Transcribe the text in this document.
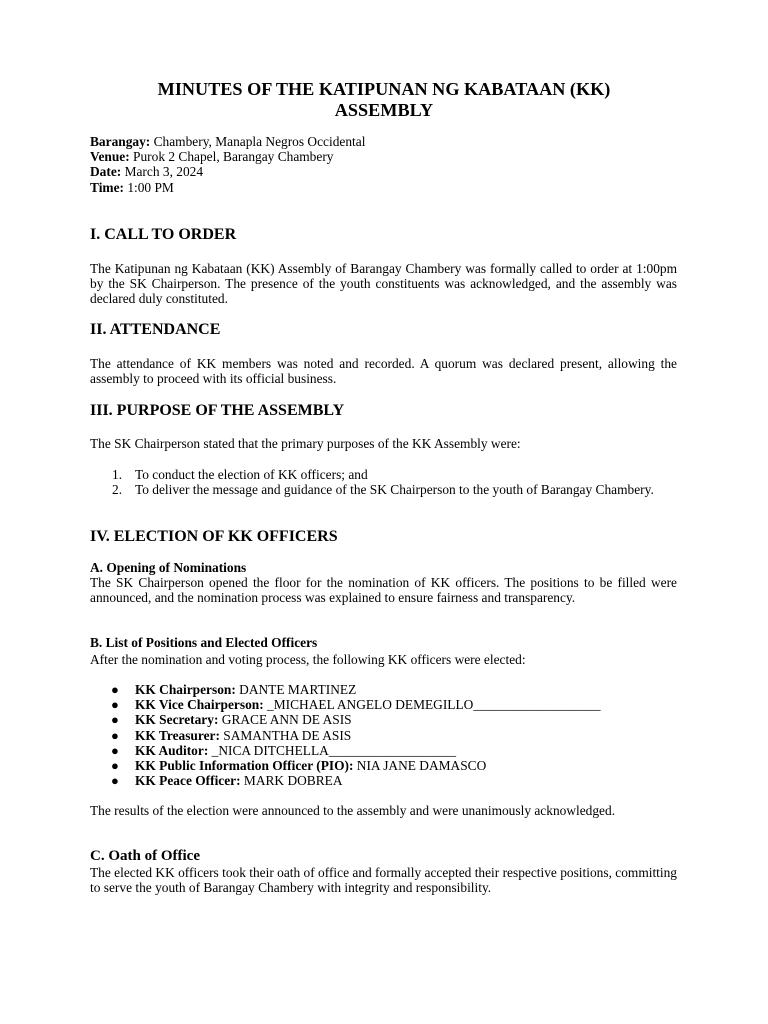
MINUTES OF THE KATIPUNAN NG KABATAAN (KK)
ASSEMBLY
Barangay: Chambery, Manapla Negros Occidental
Venue: Purok 2 Chapel, Barangay Chambery
Date: March 3, 2024
Time: 1:00 PM
I. CALL TO ORDER

The Katipunan ng Kabataan (KK) Assembly of Barangay Chambery was formally called to order at 1:00pm by the SK Chairperson. The presence of the youth constituents was acknowledged, and the assembly was declared duly constituted.

II. ATTENDANCE

The attendance of KK members was noted and recorded. A quorum was declared present, allowing the assembly to proceed with its official business.

III. PURPOSE OF THE ASSEMBLY

The SK Chairperson stated that the primary purposes of the KK Assembly were:

1. To conduct the election of KK officers; and
2. To deliver the message and guidance of the SK Chairperson to the youth of Barangay Chambery.
IV. ELECTION OF KK OFFICERS
A. Opening of Nominations

The SK Chairperson opened the floor for the nomination of KK officers. The positions to be filled were announced, and the nomination process was explained to ensure fairness and transparency.

B. List of Positions and Elected Officers

After the nomination and voting process, the following KK officers were elected:

● KK Chairperson: DANTE MARTINEZ
● KK Vice Chairperson: _MICHAEL ANGELO DEMEGILLO___________________
● KK Secretary: GRACE ANN DE ASIS
● KK Treasurer: SAMANTHA DE ASIS
● KK Auditor: _NICA DITCHELLA___________________
● KK Public Information Officer (PIO): NIA JANE DAMASCO
● KK Peace Officer: MARK DOBREA

The results of the election were announced to the assembly and were unanimously acknowledged.

C. Oath of Office

The elected KK officers took their oath of office and formally accepted their respective positions, committing to serve the youth of Barangay Chambery with integrity and responsibility.
